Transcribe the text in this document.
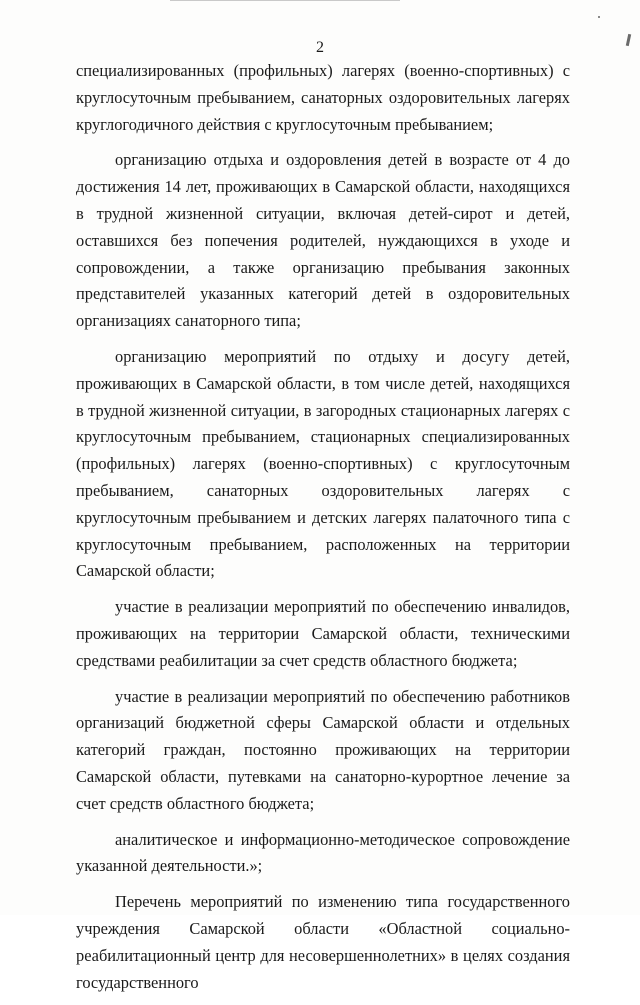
2

специализированных (профильных) лагерях (военно-спортивных) с круглосуточным пребыванием, санаторных оздоровительных лагерях круглогодичного действия с круглосуточным пребыванием;

организацию отдыха и оздоровления детей в возрасте от 4 до достижения 14 лет, проживающих в Самарской области, находящихся в трудной жизненной ситуации, включая детей-сирот и детей, оставшихся без попечения родителей, нуждающихся в уходе и сопровождении, а также организацию пребывания законных представителей указанных категорий детей в оздоровительных организациях санаторного типа;

организацию мероприятий по отдыху и досугу детей, проживающих в Самарской области, в том числе детей, находящихся в трудной жизненной ситуации, в загородных стационарных лагерях с круглосуточным пребыванием, стационарных специализированных (профильных) лагерях (военно-спортивных) с круглосуточным пребыванием, санаторных оздоровительных лагерях с круглосуточным пребыванием и детских лагерях палаточного типа с круглосуточным пребыванием, расположенных на территории Самарской области;

участие в реализации мероприятий по обеспечению инвалидов, проживающих на территории Самарской области, техническими средствами реабилитации за счет средств областного бюджета;

участие в реализации мероприятий по обеспечению работников организаций бюджетной сферы Самарской области и отдельных категорий граждан, постоянно проживающих на территории Самарской области, путевками на санаторно-курортное лечение за счет средств областного бюджета;

аналитическое и информационно-методическое сопровождение указанной деятельности.»;

Перечень мероприятий по изменению типа государственного учреждения Самарской области «Областной социально-реабилитационный центр для несовершеннолетних» в целях создания государственного
